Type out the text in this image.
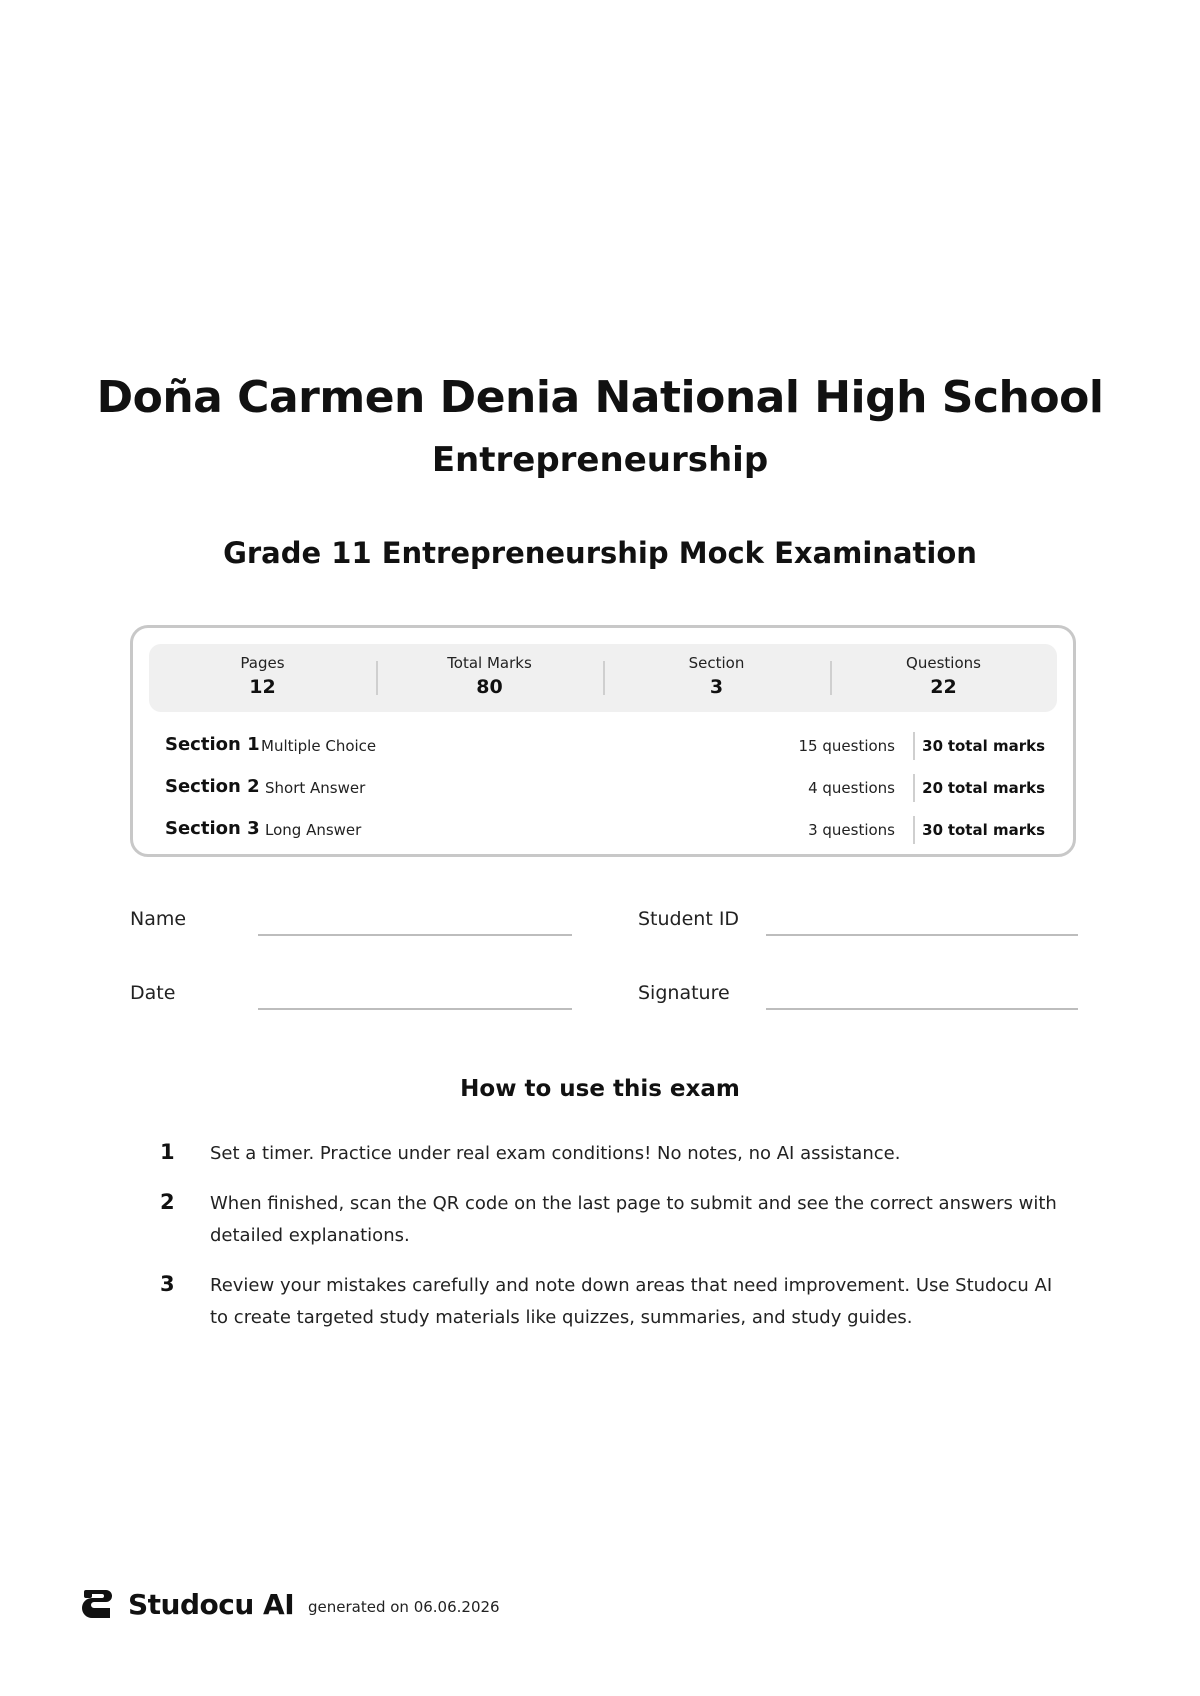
Doña Carmen Denia National High School
Entrepreneurship
Grade 11 Entrepreneurship Mock Examination
Pages
12
Total Marks
80
Section
3
Questions
22
Section 1 Multiple Choice	15 questions 30 total marks
Section 2 Short Answer	4 questions 20 total marks
Section 3 Long Answer	3 questions 30 total marks
Name	Student ID
Date	Signature
How to use this exam
1 Set a timer. Practice under real exam conditions! No notes, no AI assistance.
2 When finished, scan the QR code on the last page to submit and see the correct answers with detailed explanations.
3 Review your mistakes carefully and note down areas that need improvement. Use Studocu AI to create targeted study materials like quizzes, summaries, and study guides.
Studocu AI generated on 06.06.2026
